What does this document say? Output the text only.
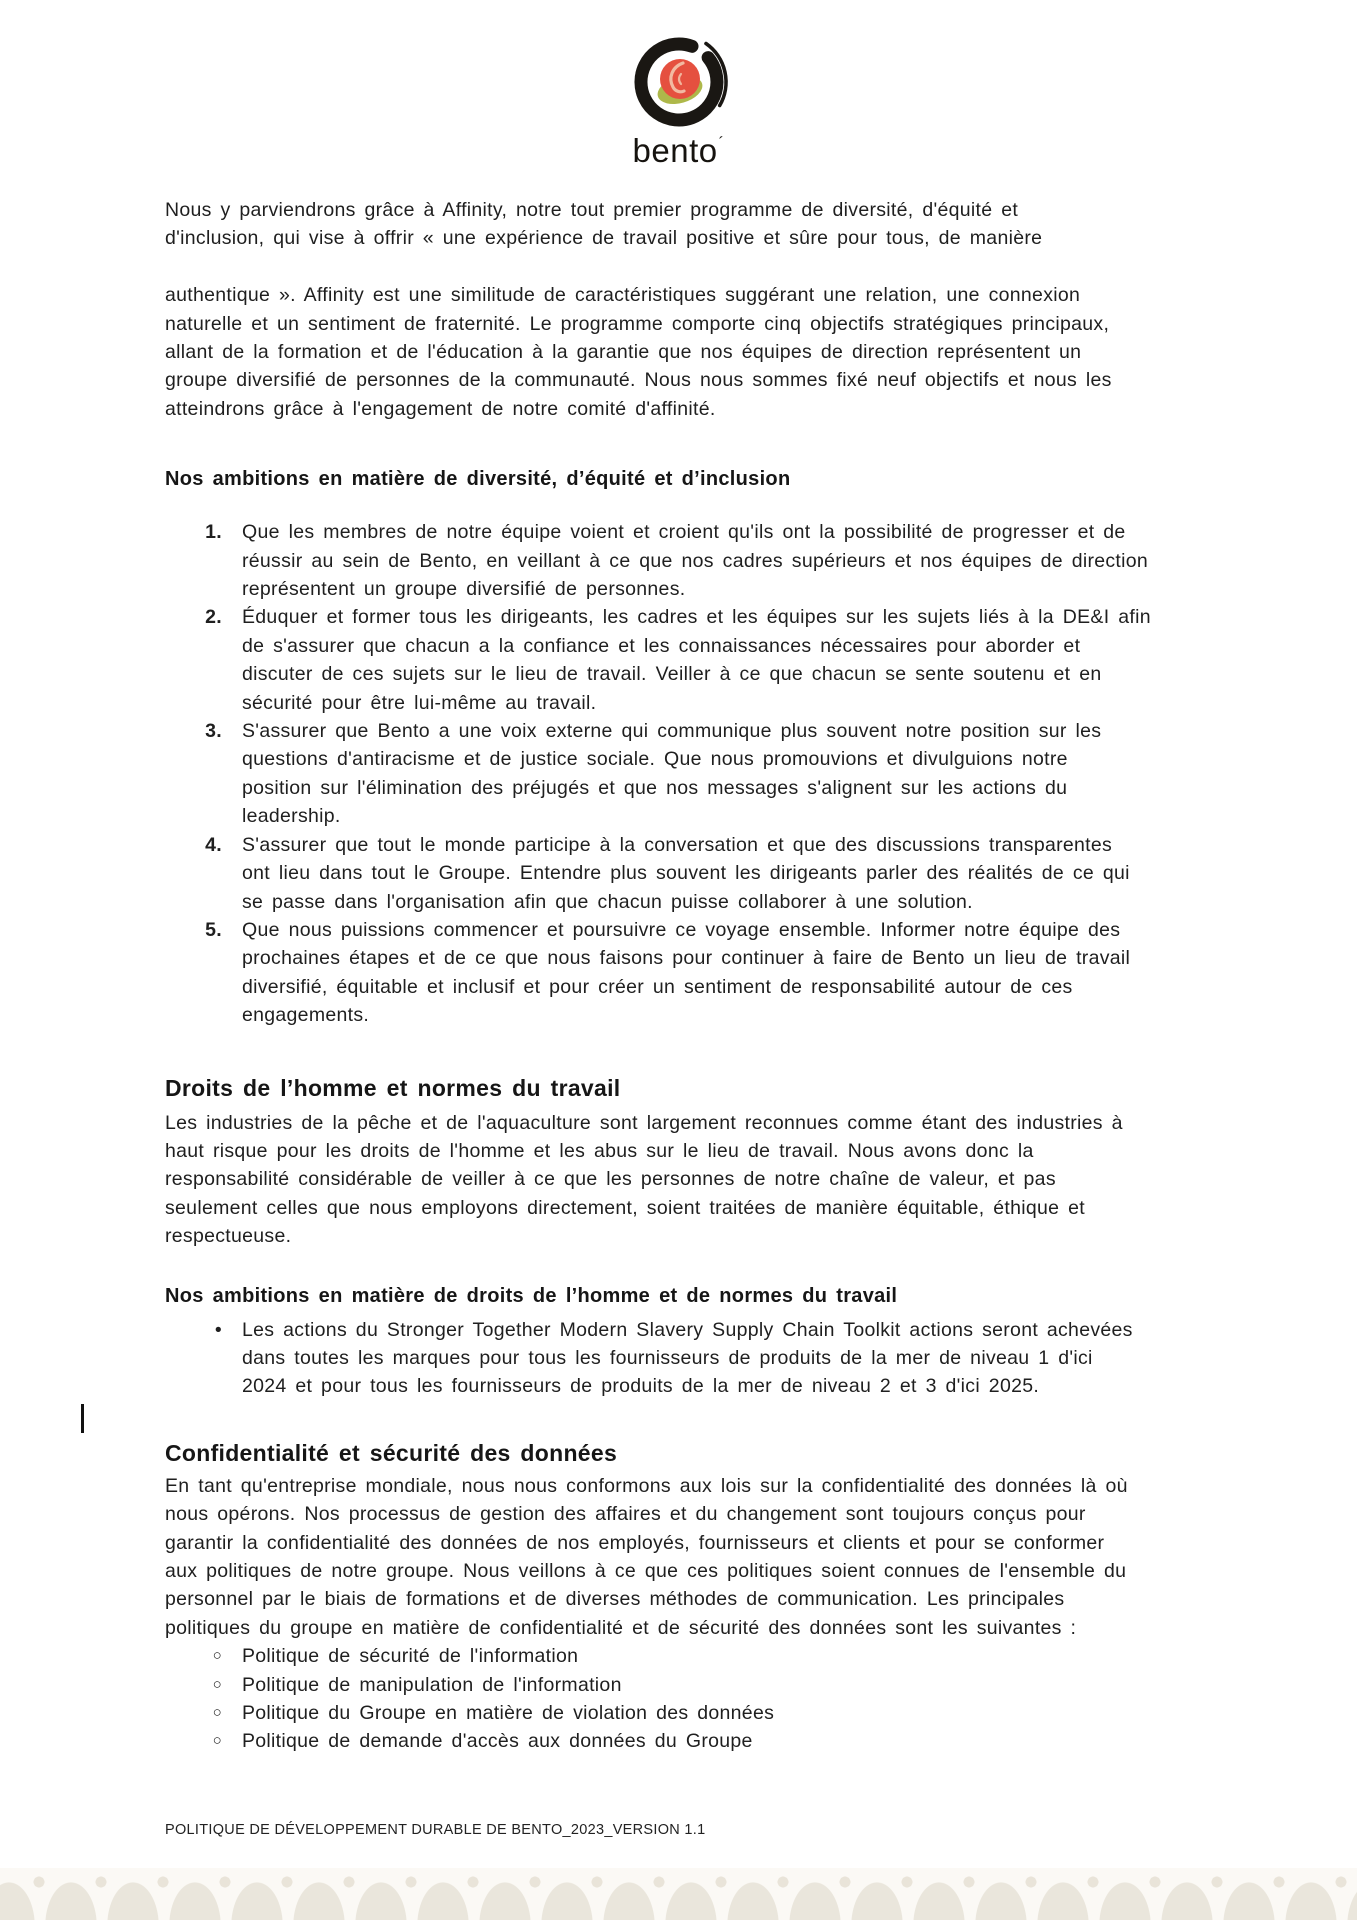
bento´

Nous y parviendrons grâce à Affinity, notre tout premier programme de diversité, d'équité et
d'inclusion, qui vise à offrir « une expérience de travail positive et sûre pour tous, de manière

authentique ». Affinity est une similitude de caractéristiques suggérant une relation, une connexion
naturelle et un sentiment de fraternité. Le programme comporte cinq objectifs stratégiques principaux,
allant de la formation et de l'éducation à la garantie que nos équipes de direction représentent un
groupe diversifié de personnes de la communauté. Nous nous sommes fixé neuf objectifs et nous les
atteindrons grâce à l'engagement de notre comité d'affinité.

Nos ambitions en matière de diversité, d’équité et d’inclusion
1. Que les membres de notre équipe voient et croient qu'ils ont la possibilité de progresser et de
réussir au sein de Bento, en veillant à ce que nos cadres supérieurs et nos équipes de direction
représentent un groupe diversifié de personnes.
2. Éduquer et former tous les dirigeants, les cadres et les équipes sur les sujets liés à la DE&I afin
de s'assurer que chacun a la confiance et les connaissances nécessaires pour aborder et
discuter de ces sujets sur le lieu de travail. Veiller à ce que chacun se sente soutenu et en
sécurité pour être lui-même au travail.
3. S'assurer que Bento a une voix externe qui communique plus souvent notre position sur les
questions d'antiracisme et de justice sociale. Que nous promouvions et divulguions notre
position sur l'élimination des préjugés et que nos messages s'alignent sur les actions du
leadership.
4. S'assurer que tout le monde participe à la conversation et que des discussions transparentes
ont lieu dans tout le Groupe. Entendre plus souvent les dirigeants parler des réalités de ce qui
se passe dans l'organisation afin que chacun puisse collaborer à une solution.
5. Que nous puissions commencer et poursuivre ce voyage ensemble. Informer notre équipe des
prochaines étapes et de ce que nous faisons pour continuer à faire de Bento un lieu de travail
diversifié, équitable et inclusif et pour créer un sentiment de responsabilité autour de ces
engagements.
Droits de l’homme et normes du travail

Les industries de la pêche et de l'aquaculture sont largement reconnues comme étant des industries à
haut risque pour les droits de l'homme et les abus sur le lieu de travail. Nous avons donc la
responsabilité considérable de veiller à ce que les personnes de notre chaîne de valeur, et pas
seulement celles que nous employons directement, soient traitées de manière équitable, éthique et
respectueuse.

Nos ambitions en matière de droits de l’homme et de normes du travail
• Les actions du Stronger Together Modern Slavery Supply Chain Toolkit actions seront achevées
dans toutes les marques pour tous les fournisseurs de produits de la mer de niveau 1 d'ici
2024 et pour tous les fournisseurs de produits de la mer de niveau 2 et 3 d'ici 2025.
Confidentialité et sécurité des données

En tant qu'entreprise mondiale, nous nous conformons aux lois sur la confidentialité des données là où
nous opérons. Nos processus de gestion des affaires et du changement sont toujours conçus pour
garantir la confidentialité des données de nos employés, fournisseurs et clients et pour se conformer
aux politiques de notre groupe. Nous veillons à ce que ces politiques soient connues de l'ensemble du
personnel par le biais de formations et de diverses méthodes de communication. Les principales
politiques du groupe en matière de confidentialité et de sécurité des données sont les suivantes :

○ Politique de sécurité de l'information
○ Politique de manipulation de l'information
○ Politique du Groupe en matière de violation des données
○ Politique de demande d'accès aux données du Groupe
POLITIQUE DE DÉVELOPPEMENT DURABLE DE BENTO_2023_VERSION 1.1
